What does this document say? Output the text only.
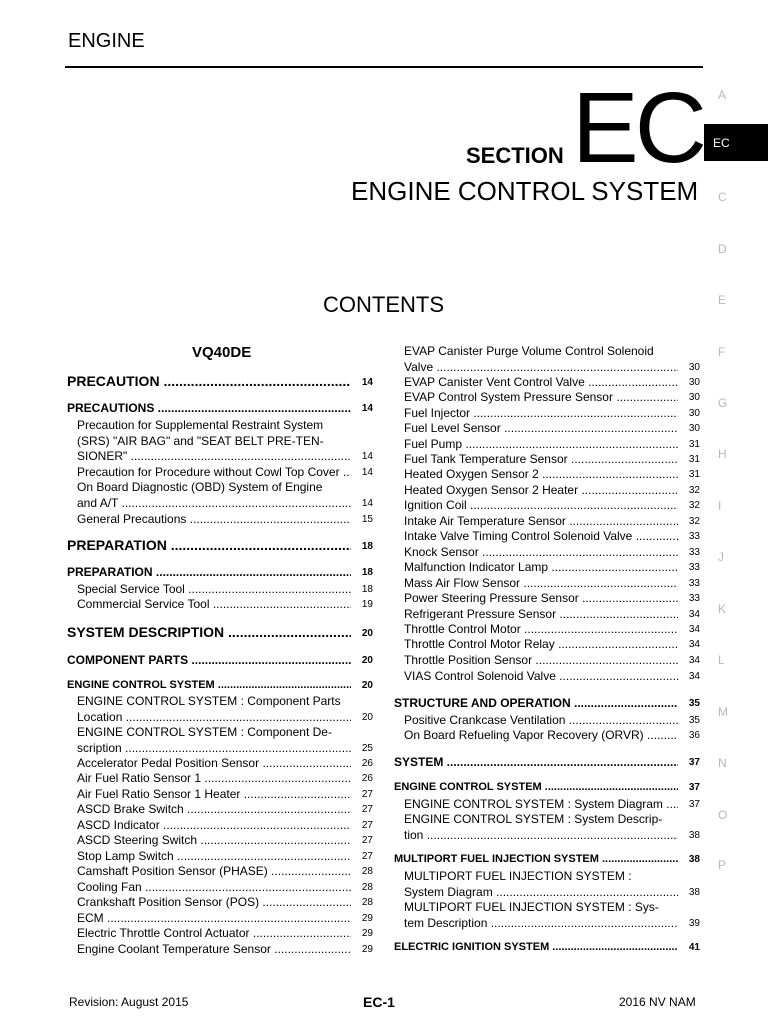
ENGINE
SECTION EC
ENGINE CONTROL SYSTEM
CONTENTS
VQ40DE
A
EC
C
D
E
F
G
H
I
J
K
L
M
N
O
P
PRECAUTION .....	14
PRECAUTIONS .....	14
Precaution for Supplemental Restraint System
(SRS) "AIR BAG" and "SEAT BELT PRE-TEN-
SIONER" .....	14
Precaution for Procedure without Cowl Top Cover .....	14
On Board Diagnostic (OBD) System of Engine
and A/T .....	14
General Precautions .....	15
PREPARATION .....	18
PREPARATION .....	18
Special Service Tool .....	18
Commercial Service Tool .....	19
SYSTEM DESCRIPTION .....	20
COMPONENT PARTS .....	20
ENGINE CONTROL SYSTEM .....	20
ENGINE CONTROL SYSTEM : Component Parts
Location .....	20
ENGINE CONTROL SYSTEM : Component De-
scription .....	25
Accelerator Pedal Position Sensor .....	26
Air Fuel Ratio Sensor 1 .....	26
Air Fuel Ratio Sensor 1 Heater .....	27
ASCD Brake Switch .....	27
ASCD Indicator .....	27
ASCD Steering Switch .....	27
Stop Lamp Switch .....	27
Camshaft Position Sensor (PHASE) .....	28
Cooling Fan .....	28
Crankshaft Position Sensor (POS) .....	28
ECM .....	29
Electric Throttle Control Actuator .....	29
Engine Coolant Temperature Sensor .....	29
EVAP Canister Purge Volume Control Solenoid
Valve .....	30
EVAP Canister Vent Control Valve .....	30
EVAP Control System Pressure Sensor .....	30
Fuel Injector .....	30
Fuel Level Sensor .....	30
Fuel Pump .....	31
Fuel Tank Temperature Sensor .....	31
Heated Oxygen Sensor 2 .....	31
Heated Oxygen Sensor 2 Heater .....	32
Ignition Coil .....	32
Intake Air Temperature Sensor .....	32
Intake Valve Timing Control Solenoid Valve .....	33
Knock Sensor .....	33
Malfunction Indicator Lamp .....	33
Mass Air Flow Sensor .....	33
Power Steering Pressure Sensor .....	33
Refrigerant Pressure Sensor .....	34
Throttle Control Motor .....	34
Throttle Control Motor Relay .....	34
Throttle Position Sensor .....	34
VIAS Control Solenoid Valve .....	34
STRUCTURE AND OPERATION .....	35
Positive Crankcase Ventilation .....	35
On Board Refueling Vapor Recovery (ORVR) .....	36
SYSTEM .....	37
ENGINE CONTROL SYSTEM .....	37
ENGINE CONTROL SYSTEM : System Diagram .....	37
ENGINE CONTROL SYSTEM : System Descrip-
tion .....	38
MULTIPORT FUEL INJECTION SYSTEM .....	38
MULTIPORT FUEL INJECTION SYSTEM :
System Diagram .....	38
MULTIPORT FUEL INJECTION SYSTEM : Sys-
tem Description .....	39
ELECTRIC IGNITION SYSTEM .....	41
Revision: August 2015	EC-1	2016 NV NAM
